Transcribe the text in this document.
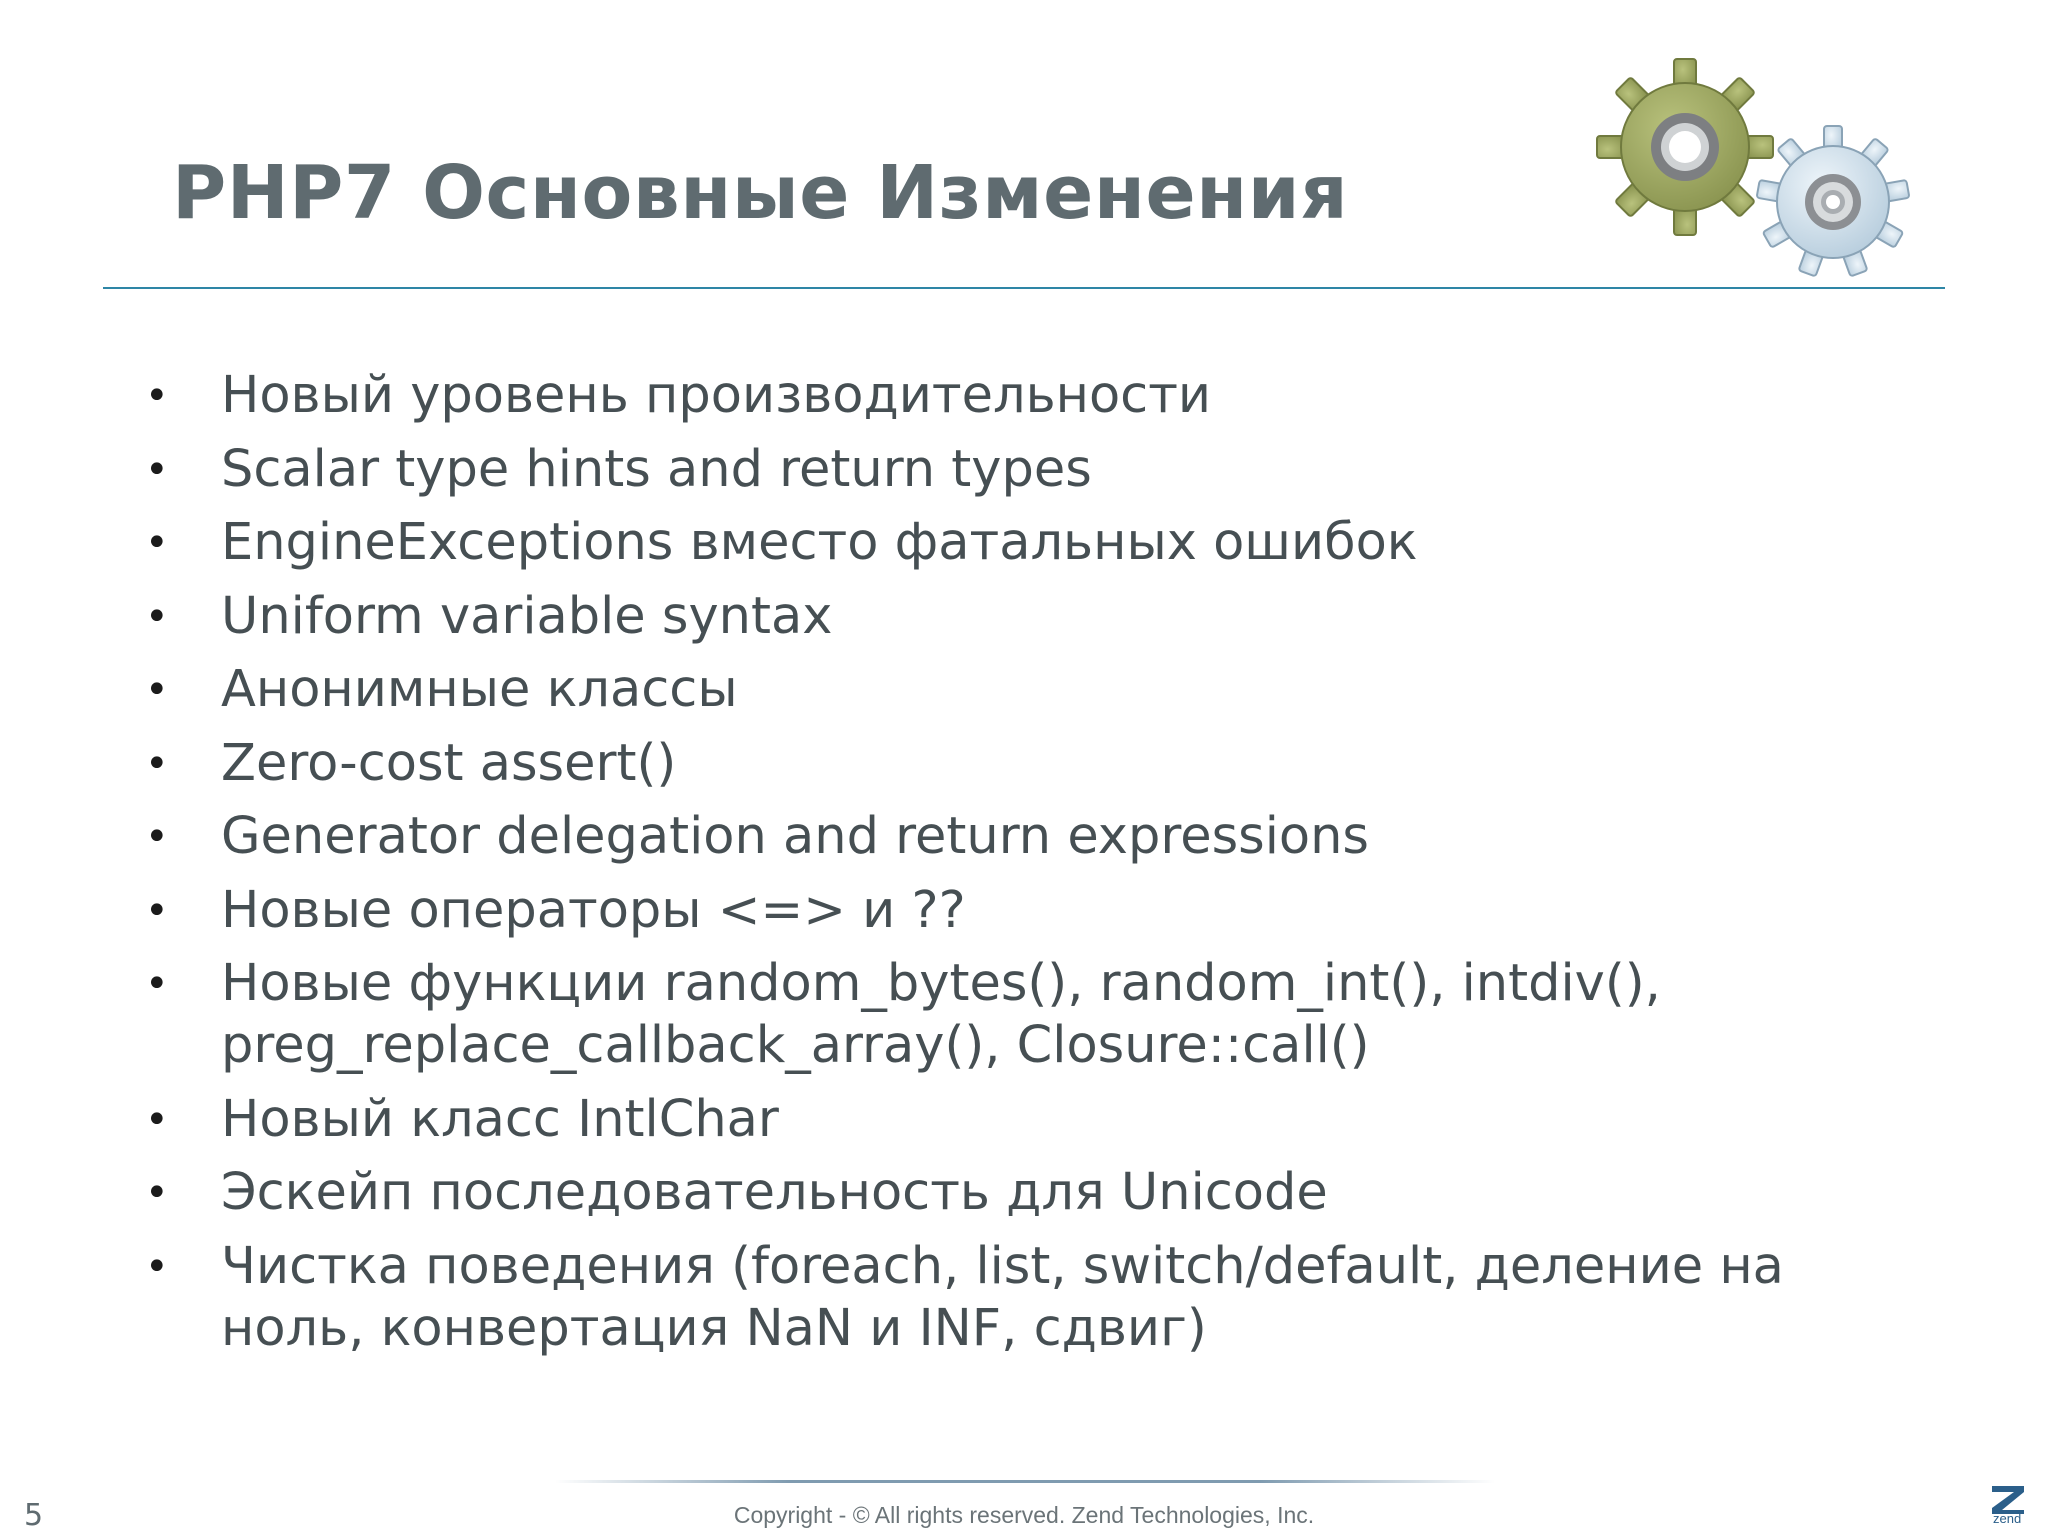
PHP7 Основные Изменения
• Новый уровень производительности
• Scalar type hints and return types
• EngineExceptions вместо фатальных ошибок
• Uniform variable syntax
• Анонимные классы
• Zero-cost assert()
• Generator delegation and return expressions
• Новые операторы <=> и ??
• Новые функции random_bytes(), random_int(), intdiv(),
preg_replace_callback_array(), Closure::call()
• Новый класс IntlChar
• Эскейп последовательность для Unicode
• Чистка поведения (foreach, list, switch/default, деление на
ноль, конвертация NaN и INF, сдвиг)
5	Copyright - © All rights reserved. Zend Technologies, Inc.	zend
